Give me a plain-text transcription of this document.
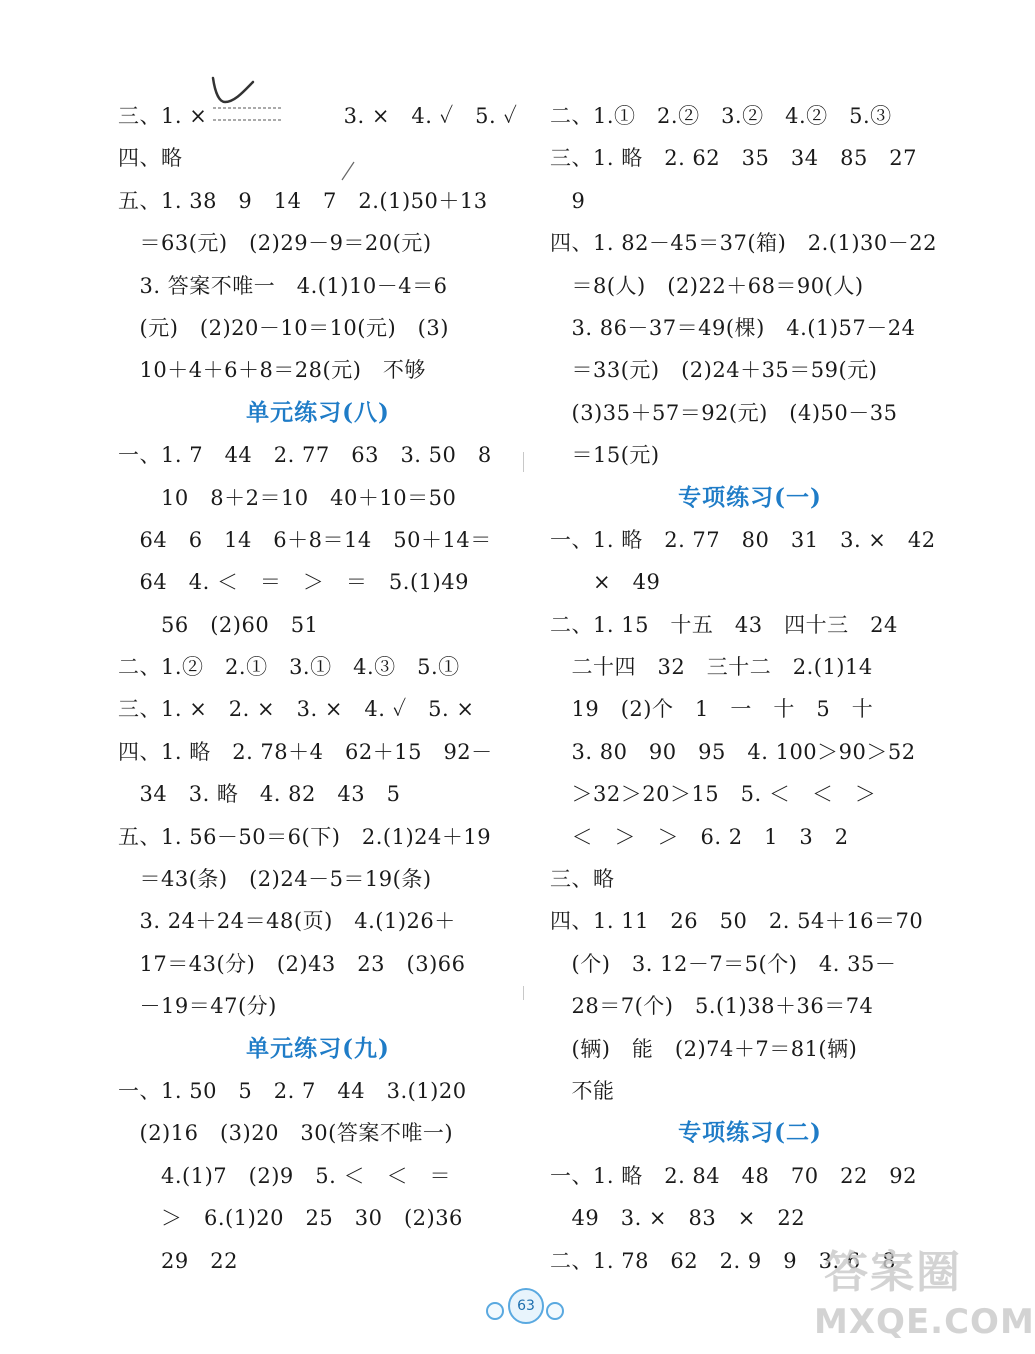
三、1. ×　                3. ×　4. ✓　5. ✓
四、略
五、1. 38　9　14　7　2.(1)50＋13
　＝63(元)　(2)29－9＝20(元)
　3. 答案不唯一　4.(1)10－4＝6
　(元)　(2)20－10＝10(元)　(3)
　10＋4＋6＋8＝28(元)　不够
单元练习(八)
一、1. 7　44　2. 77　63　3. 50　8
　　10　8＋2＝10　40＋10＝50
　64　6　14　6＋8＝14　50＋14＝
　64　4. ＜　＝　＞　＝　5.(1)49
　　56　(2)60　51
二、1.②　2.①　3.①　4.③　5.①
三、1. ×　2. ×　3. ×　4. ✓　5. ×
四、1. 略　2. 78＋4　62＋15　92－
　34　3. 略　4. 82　43　5
五、1. 56－50＝6(下)　2.(1)24＋19
　＝43(条)　(2)24－5＝19(条)
　3. 24＋24＝48(页)　4.(1)26＋
　17＝43(分)　(2)43　23　(3)66
　－19＝47(分)
单元练习(九)
一、1. 50　5　2. 7　44　3.(1)20
　(2)16　(3)20　30(答案不唯一)
　　4.(1)7　(2)9　5. ＜　＜　＝
　　＞　6.(1)20　25　30　(2)36
　　29　22
二、1.①　2.②　3.②　4.②　5.③
三、1. 略　2. 62　35　34　85　27
　9
四、1. 82－45＝37(箱)　2.(1)30－22
　＝8(人)　(2)22＋68＝90(人)
　3. 86－37＝49(棵)　4.(1)57－24
　＝33(元)　(2)24＋35＝59(元)
　(3)35＋57＝92(元)　(4)50－35
　＝15(元)
专项练习(一)
一、1. 略　2. 77　80　31　3. ×　42
　　×　49
二、1. 15　十五　43　四十三　24
　二十四　32　三十二　2.(1)14
　19　(2)个　1　一　十　5　十
　3. 80　90　95　4. 100＞90＞52
　＞32＞20＞15　5. ＜　＜　＞
　＜　＞　＞　6. 2　1　3　2
三、略
四、1. 11　26　50　2. 54＋16＝70
　(个)　3. 12－7＝5(个)　4. 35－
　28＝7(个)　5.(1)38＋36＝74
　(辆)　能　(2)74＋7＝81(辆)
　不能
专项练习(二)
一、1. 略　2. 84　48　70　22　92
　49　3. ×　83　×　22
二、1. 78　62　2. 9　9　3. 6　8
63
答案圈
MXQE.COM
